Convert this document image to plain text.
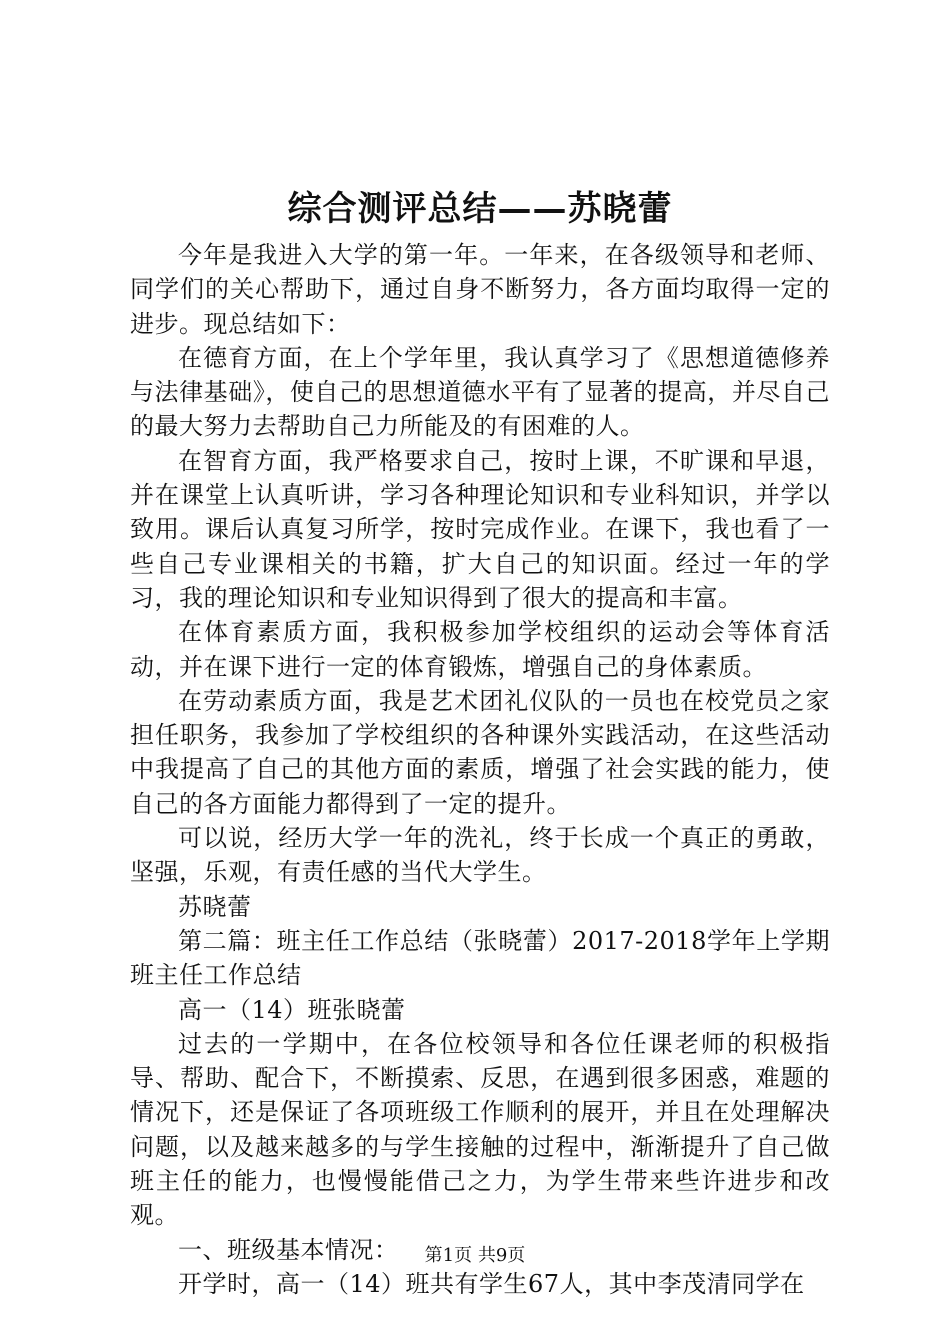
综合测评总结——苏晓蕾

今年是我进入大学的第一年。一年来，在各级领导和老师、同学们的关心帮助下，通过自身不断努力，各方面均取得一定的进步。现总结如下：

在德育方面，在上个学年里，我认真学习了《思想道德修养与法律基础》，使自己的思想道德水平有了显著的提高，并尽自己的最大努力去帮助自己力所能及的有困难的人。

在智育方面，我严格要求自己，按时上课，不旷课和早退，并在课堂上认真听讲，学习各种理论知识和专业科知识，并学以致用。课后认真复习所学，按时完成作业。在课下，我也看了一些自己专业课相关的书籍，扩大自己的知识面。经过一年的学习，我的理论知识和专业知识得到了很大的提高和丰富。

在体育素质方面，我积极参加学校组织的运动会等体育活动，并在课下进行一定的体育锻炼，增强自己的身体素质。

在劳动素质方面，我是艺术团礼仪队的一员也在校党员之家担任职务，我参加了学校组织的各种课外实践活动，在这些活动中我提高了自己的其他方面的素质，增强了社会实践的能力，使自己的各方面能力都得到了一定的提升。

可以说，经历大学一年的洗礼，终于长成一个真正的勇敢，坚强，乐观，有责任感的当代大学生。

苏晓蕾

第二篇：班主任工作总结（张晓蕾）2017-2018学年上学期班主任工作总结

高一（14）班张晓蕾

过去的一学期中，在各位校领导和各位任课老师的积极指导、帮助、配合下，不断摸索、反思，在遇到很多困惑，难题的情况下，还是保证了各项班级工作顺利的展开，并且在处理解决问题，以及越来越多的与学生接触的过程中，渐渐提升了自己做班主任的能力，也慢慢能借己之力，为学生带来些许进步和改观。

一、班级基本情况：

开学时，高一（14）班共有学生67人，其中李茂清同学在

第1页 共9页
